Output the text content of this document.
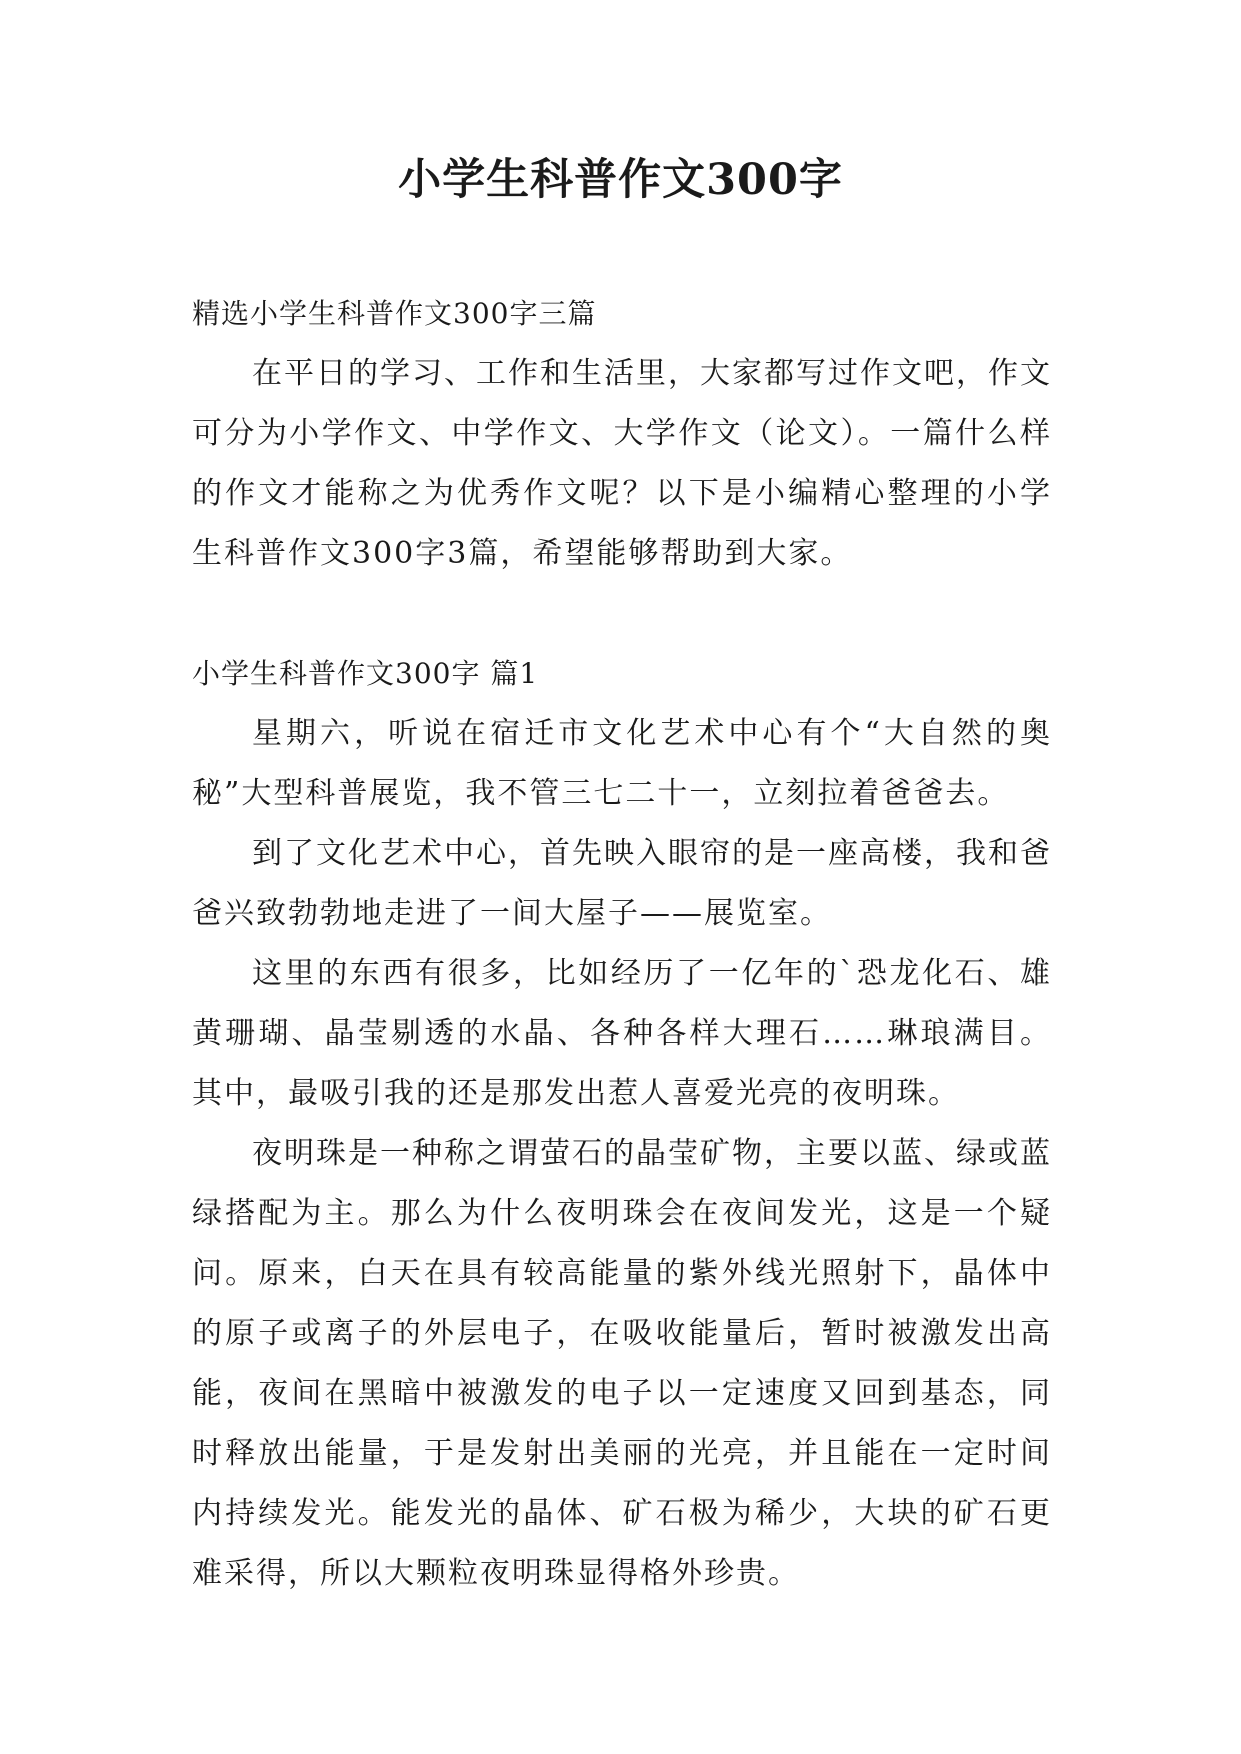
小学生科普作文300字

精选小学生科普作文300字三篇

在平日的学习、工作和生活里，大家都写过作文吧，作文可分为小学作文、中学作文、大学作文（论文）。一篇什么样的作文才能称之为优秀作文呢？以下是小编精心整理的小学生科普作文300字3篇，希望能够帮助到大家。

小学生科普作文300字 篇1

星期六，听说在宿迁市文化艺术中心有个“大自然的奥秘”大型科普展览，我不管三七二十一，立刻拉着爸爸去。

到了文化艺术中心，首先映入眼帘的是一座高楼，我和爸爸兴致勃勃地走进了一间大屋子——展览室。

这里的东西有很多，比如经历了一亿年的`恐龙化石、雄黄珊瑚、晶莹剔透的水晶、各种各样大理石……琳琅满目。其中，最吸引我的还是那发出惹人喜爱光亮的夜明珠。

夜明珠是一种称之谓萤石的晶莹矿物，主要以蓝、绿或蓝绿搭配为主。那么为什么夜明珠会在夜间发光，这是一个疑问。原来，白天在具有较高能量的紫外线光照射下，晶体中的原子或离子的外层电子，在吸收能量后，暂时被激发出高能，夜间在黑暗中被激发的电子以一定速度又回到基态，同时释放出能量，于是发射出美丽的光亮，并且能在一定时间内持续发光。能发光的晶体、矿石极为稀少，大块的矿石更难采得，所以大颗粒夜明珠显得格外珍贵。
